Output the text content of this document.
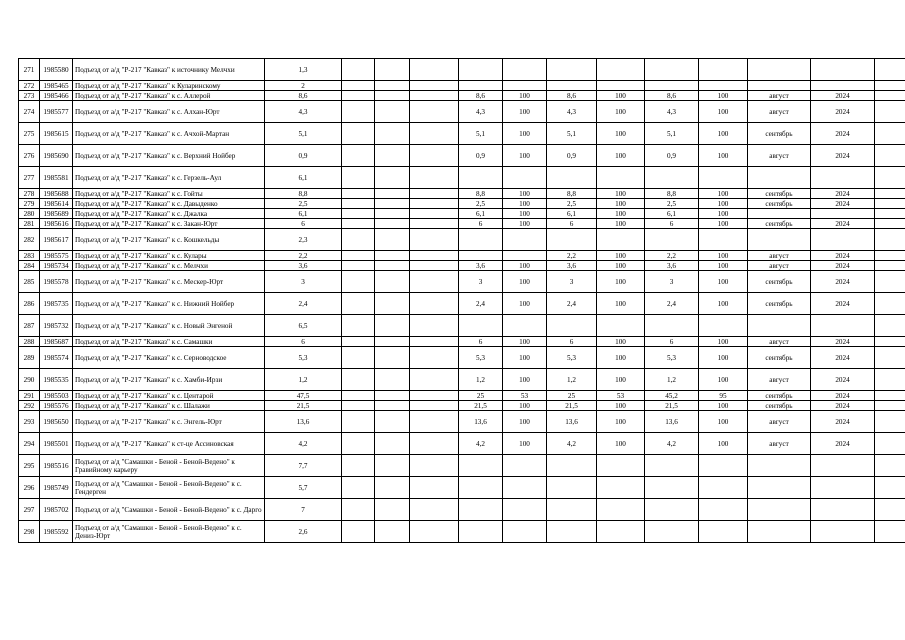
271	1985580	Подъезд от а/д "Р-217 "Кавказ" к источнику Мелчхи	1,3												
272	1985465	Подъезд от а/д "Р-217 "Кавказ" к Куларинскому	2												
273	1985466	Подъезд от а/д "Р-217 "Кавказ" к с. Аллерой	8,6				8,6	100	8,6	100	8,6	100	август	2024	
274	1985577	Подъезд от а/д "Р-217 "Кавказ" к с. Алхан-Юрт	4,3				4,3	100	4,3	100	4,3	100	август	2024	
275	1985615	Подъезд от а/д "Р-217 "Кавказ" к с. Ачхой-Мартан	5,1				5,1	100	5,1	100	5,1	100	сентябрь	2024	
276	1985690	Подъезд от а/д "Р-217 "Кавказ" к с. Верхний Нойбер	0,9				0,9	100	0,9	100	0,9	100	август	2024	
277	1985581	Подъезд от а/д "Р-217 "Кавказ" к с. Герзель-Аул	6,1												
278	1985688	Подъезд от а/д "Р-217 "Кавказ" к с. Гойты	8,8				8,8	100	8,8	100	8,8	100	сентябрь	2024	
279	1985614	Подъезд от а/д "Р-217 "Кавказ" к с. Давыденко	2,5				2,5	100	2,5	100	2,5	100	сентябрь	2024	
280	1985689	Подъезд от а/д "Р-217 "Кавказ" к с. Джалка	6,1				6,1	100	6,1	100	6,1	100			
281	1985616	Подъезд от а/д "Р-217 "Кавказ" к с. Закан-Юрт	6				6	100	6	100	6	100	сентябрь	2024	
282	1985617	Подъезд от а/д "Р-217 "Кавказ" к с. Кошкельды	2,3												
283	1985575	Подъезд от а/д "Р-217 "Кавказ" к с. Кулары	2,2						2,2	100	2,2	100	август	2024	
284	1985734	Подъезд от а/д "Р-217 "Кавказ" к с. Мелчхи	3,6				3,6	100	3,6	100	3,6	100	август	2024	
285	1985578	Подъезд от а/д "Р-217 "Кавказ" к с. Мескер-Юрт	3				3	100	3	100	3	100	сентябрь	2024	
286	1985735	Подъезд от а/д "Р-217 "Кавказ" к с. Нижний Нойбер	2,4				2,4	100	2,4	100	2,4	100	сентябрь	2024	
287	1985732	Подъезд от а/д "Р-217 "Кавказ" к с. Новый Энгеной	6,5												
288	1985687	Подъезд от а/д "Р-217 "Кавказ" к с. Самашки	6				6	100	6	100	6	100	август	2024	
289	1985574	Подъезд от а/д "Р-217 "Кавказ" к с. Серноводское	5,3				5,3	100	5,3	100	5,3	100	сентябрь	2024	
290	1985535	Подъезд от а/д "Р-217 "Кавказ" к с. Хамби-Ирзи	1,2				1,2	100	1,2	100	1,2	100	август	2024	
291	1985503	Подъезд от а/д "Р-217 "Кавказ" к с. Центарой	47,5				25	53	25	53	45,2	95	сентябрь	2024	
292	1985576	Подъезд от а/д "Р-217 "Кавказ" к с. Шалажи	21,5				21,5	100	21,5	100	21,5	100	сентябрь	2024	
293	1985650	Подъезд от а/д "Р-217 "Кавказ" к с. Энгель-Юрт	13,6				13,6	100	13,6	100	13,6	100	август	2024	
294	1985501	Подъезд от а/д "Р-217 "Кавказ" к ст-це Ассиновская	4,2				4,2	100	4,2	100	4,2	100	август	2024	
295	1985516	Подъезд от а/д "Самашки - Беной - Беной-Ведено" к Гравийному карьеру	7,7												
296	1985749	Подъезд от а/д "Самашки - Беной - Беной-Ведено" к с. Гендерген	5,7												
297	1985702	Подъезд от а/д "Самашки - Беной - Беной-Ведено" к с. Дарго	7												
298	1985592	Подъезд от а/д "Самашки - Беной - Беной-Ведено" к с. Дениз-Юрт	2,6												
